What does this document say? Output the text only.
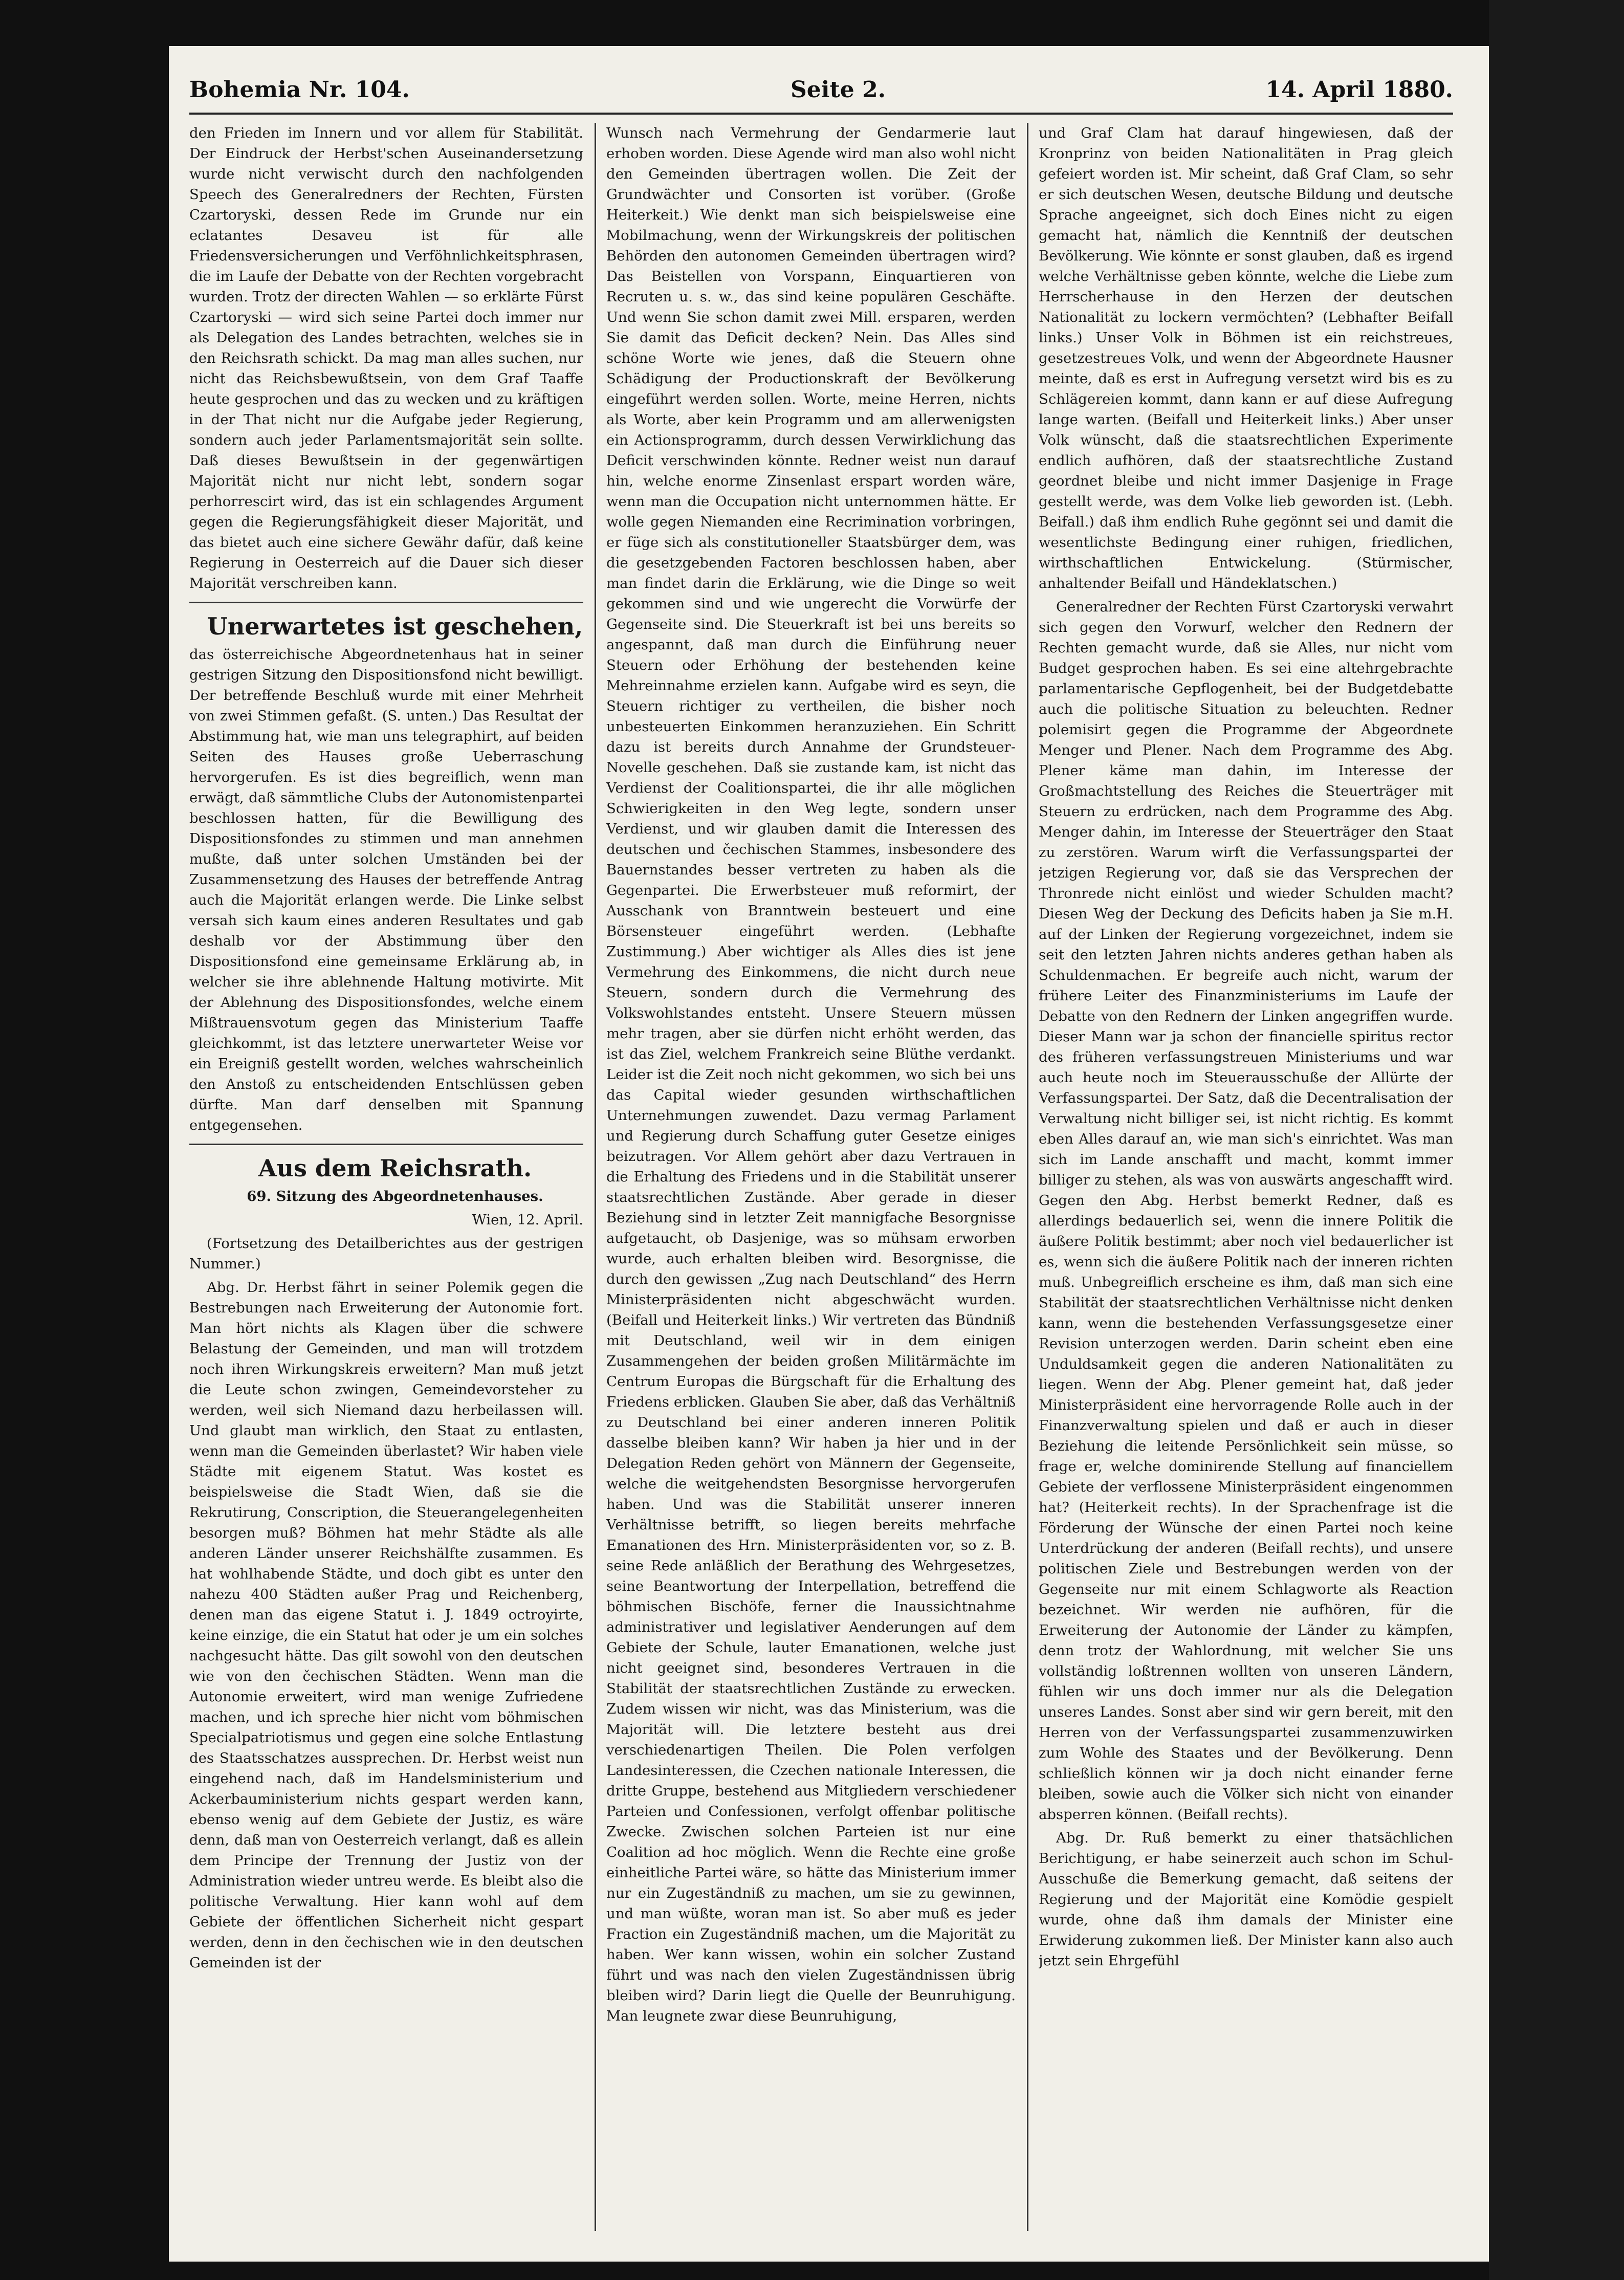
Bohemia Nr. 104.	Seite 2.	14. April 1880.

den Frieden im Innern und vor allem für Stabilität. Der Eindruck der Herbst'schen Auseinandersetzung wurde nicht verwischt durch den nachfolgenden Speech des Generalredners der Rechten, Fürsten Czartoryski, dessen Rede im Grunde nur ein eclatantes Desaveu ist für alle Friedensversicherungen und Verföhnlichkeitsphrasen, die im Laufe der Debatte von der Rechten vorgebracht wurden. Trotz der directen Wahlen — so erklärte Fürst Czartoryski — wird sich seine Partei doch immer nur als Delegation des Landes betrachten, welches sie in den Reichsrath schickt. Da mag man alles suchen, nur nicht das Reichsbewußtsein, von dem Graf Taaffe heute gesprochen und das zu wecken und zu kräftigen in der That nicht nur die Aufgabe jeder Regierung, sondern auch jeder Parlamentsmajorität sein sollte. Daß dieses Bewußtsein in der gegenwärtigen Majorität nicht nur nicht lebt, sondern sogar perhorrescirt wird, das ist ein schlagendes Argument gegen die Regierungsfähigkeit dieser Majorität, und das bietet auch eine sichere Gewähr dafür, daß keine Regierung in Oesterreich auf die Dauer sich dieser Majorität verschreiben kann.

Unerwartetes ist geschehen,

das österreichische Abgeordnetenhaus hat in seiner gestrigen Sitzung den Dispositionsfond nicht bewilligt. Der betreffende Beschluß wurde mit einer Mehrheit von zwei Stimmen gefaßt. (S. unten.) Das Resultat der Abstimmung hat, wie man uns telegraphirt, auf beiden Seiten des Hauses große Ueberraschung hervorgerufen. Es ist dies begreiflich, wenn man erwägt, daß sämmtliche Clubs der Autonomistenpartei beschlossen hatten, für die Bewilligung des Dispositionsfondes zu stimmen und man annehmen mußte, daß unter solchen Umständen bei der Zusammensetzung des Hauses der betreffende Antrag auch die Majorität erlangen werde. Die Linke selbst versah sich kaum eines anderen Resultates und gab deshalb vor der Abstimmung über den Dispositionsfond eine gemeinsame Erklärung ab, in welcher sie ihre ablehnende Haltung motivirte. Mit der Ablehnung des Dispositionsfondes, welche einem Mißtrauensvotum gegen das Ministerium Taaffe gleichkommt, ist das letztere unerwarteter Weise vor ein Ereigniß gestellt worden, welches wahrscheinlich den Anstoß zu entscheidenden Entschlüssen geben dürfte. Man darf denselben mit Spannung entgegensehen.

Aus dem Reichsrath.

69. Sitzung des Abgeordnetenhauses.

Wien, 12. April.

(Fortsetzung des Detailberichtes aus der gestrigen Nummer.)

Abg. Dr. Herbst fährt in seiner Polemik gegen die Bestrebungen nach Erweiterung der Autonomie fort. Man hört nichts als Klagen über die schwere Belastung der Gemeinden, und man will trotzdem noch ihren Wirkungskreis erweitern? Man muß jetzt die Leute schon zwingen, Gemeindevorsteher zu werden, weil sich Niemand dazu herbeilassen will. Und glaubt man wirklich, den Staat zu entlasten, wenn man die Gemeinden überlastet? Wir haben viele Städte mit eigenem Statut. Was kostet es beispielsweise die Stadt Wien, daß sie die Rekrutirung, Conscription, die Steuerangelegenheiten besorgen muß? Böhmen hat mehr Städte als alle anderen Länder unserer Reichshälfte zusammen. Es hat wohlhabende Städte, und doch gibt es unter den nahezu 400 Städten außer Prag und Reichenberg, denen man das eigene Statut i. J. 1849 octroyirte, keine einzige, die ein Statut hat oder je um ein solches nachgesucht hätte. Das gilt sowohl von den deutschen wie von den čechischen Städten. Wenn man die Autonomie erweitert, wird man wenige Zufriedene machen, und ich spreche hier nicht vom böhmischen Specialpatriotismus und gegen eine solche Entlastung des Staatsschatzes aussprechen. Dr. Herbst weist nun eingehend nach, daß im Handelsministerium und Ackerbauministerium nichts gespart werden kann, ebenso wenig auf dem Gebiete der Justiz, es wäre denn, daß man von Oesterreich verlangt, daß es allein dem Principe der Trennung der Justiz von der Administration wieder untreu werde. Es bleibt also die politische Verwaltung. Hier kann wohl auf dem Gebiete der öffentlichen Sicherheit nicht gespart werden, denn in den čechischen wie in den deutschen Gemeinden ist der

Wunsch nach Vermehrung der Gendarmerie laut erhoben worden. Diese Agende wird man also wohl nicht den Gemeinden übertragen wollen. Die Zeit der Grundwächter und Consorten ist vorüber. (Große Heiterkeit.) Wie denkt man sich beispielsweise eine Mobilmachung, wenn der Wirkungskreis der politischen Behörden den autonomen Gemeinden übertragen wird? Das Beistellen von Vorspann, Einquartieren von Recruten u. s. w., das sind keine populären Geschäfte. Und wenn Sie schon damit zwei Mill. ersparen, werden Sie damit das Deficit decken? Nein. Das Alles sind schöne Worte wie jenes, daß die Steuern ohne Schädigung der Productionskraft der Bevölkerung eingeführt werden sollen. Worte, meine Herren, nichts als Worte, aber kein Programm und am allerwenigsten ein Actionsprogramm, durch dessen Verwirklichung das Deficit verschwinden könnte. Redner weist nun darauf hin, welche enorme Zinsenlast erspart worden wäre, wenn man die Occupation nicht unternommen hätte. Er wolle gegen Niemanden eine Recrimination vorbringen, er füge sich als constitutioneller Staatsbürger dem, was die gesetzgebenden Factoren beschlossen haben, aber man findet darin die Erklärung, wie die Dinge so weit gekommen sind und wie ungerecht die Vorwürfe der Gegenseite sind. Die Steuerkraft ist bei uns bereits so angespannt, daß man durch die Einführung neuer Steuern oder Erhöhung der bestehenden keine Mehreinnahme erzielen kann. Aufgabe wird es seyn, die Steuern richtiger zu vertheilen, die bisher noch unbesteuerten Einkommen heranzuziehen. Ein Schritt dazu ist bereits durch Annahme der Grundsteuer-Novelle geschehen. Daß sie zustande kam, ist nicht das Verdienst der Coalitionspartei, die ihr alle möglichen Schwierigkeiten in den Weg legte, sondern unser Verdienst, und wir glauben damit die Interessen des deutschen und čechischen Stammes, insbesondere des Bauernstandes besser vertreten zu haben als die Gegenpartei. Die Erwerbsteuer muß reformirt, der Ausschank von Branntwein besteuert und eine Börsensteuer eingeführt werden. (Lebhafte Zustimmung.) Aber wichtiger als Alles dies ist jene Vermehrung des Einkommens, die nicht durch neue Steuern, sondern durch die Vermehrung des Volkswohlstandes entsteht. Unsere Steuern müssen mehr tragen, aber sie dürfen nicht erhöht werden, das ist das Ziel, welchem Frankreich seine Blüthe verdankt. Leider ist die Zeit noch nicht gekommen, wo sich bei uns das Capital wieder gesunden wirthschaftlichen Unternehmungen zuwendet. Dazu vermag Parlament und Regierung durch Schaffung guter Gesetze einiges beizutragen. Vor Allem gehört aber dazu Vertrauen in die Erhaltung des Friedens und in die Stabilität unserer staatsrechtlichen Zustände. Aber gerade in dieser Beziehung sind in letzter Zeit mannigfache Besorgnisse aufgetaucht, ob Dasjenige, was so mühsam erworben wurde, auch erhalten bleiben wird. Besorgnisse, die durch den gewissen „Zug nach Deutschland“ des Herrn Ministerpräsidenten nicht abgeschwächt wurden. (Beifall und Heiterkeit links.) Wir vertreten das Bündniß mit Deutschland, weil wir in dem einigen Zusammengehen der beiden großen Militärmächte im Centrum Europas die Bürgschaft für die Erhaltung des Friedens erblicken. Glauben Sie aber, daß das Verhältniß zu Deutschland bei einer anderen inneren Politik dasselbe bleiben kann? Wir haben ja hier und in der Delegation Reden gehört von Männern der Gegenseite, welche die weitgehendsten Besorgnisse hervorgerufen haben. Und was die Stabilität unserer inneren Verhältnisse betrifft, so liegen bereits mehrfache Emanationen des Hrn. Ministerpräsidenten vor, so z. B. seine Rede anläßlich der Berathung des Wehrgesetzes, seine Beantwortung der Interpellation, betreffend die böhmischen Bischöfe, ferner die Inaussichtnahme administrativer und legislativer Aenderungen auf dem Gebiete der Schule, lauter Emanationen, welche just nicht geeignet sind, besonderes Vertrauen in die Stabilität der staatsrechtlichen Zustände zu erwecken. Zudem wissen wir nicht, was das Ministerium, was die Majorität will. Die letztere besteht aus drei verschiedenartigen Theilen. Die Polen verfolgen Landesinteressen, die Czechen nationale Interessen, die dritte Gruppe, bestehend aus Mitgliedern verschiedener Parteien und Confessionen, verfolgt offenbar politische Zwecke. Zwischen solchen Parteien ist nur eine Coalition ad hoc möglich. Wenn die Rechte eine große einheitliche Partei wäre, so hätte das Ministerium immer nur ein Zugeständniß zu machen, um sie zu gewinnen, und man wüßte, woran man ist. So aber muß es jeder Fraction ein Zugeständniß machen, um die Majorität zu haben. Wer kann wissen, wohin ein solcher Zustand führt und was nach den vielen Zugeständnissen übrig bleiben wird? Darin liegt die Quelle der Beunruhigung. Man leugnete zwar diese Beunruhigung,

und Graf Clam hat darauf hingewiesen, daß der Kronprinz von beiden Nationalitäten in Prag gleich gefeiert worden ist. Mir scheint, daß Graf Clam, so sehr er sich deutschen Wesen, deutsche Bildung und deutsche Sprache angeeignet, sich doch Eines nicht zu eigen gemacht hat, nämlich die Kenntniß der deutschen Bevölkerung. Wie könnte er sonst glauben, daß es irgend welche Verhältnisse geben könnte, welche die Liebe zum Herrscherhause in den Herzen der deutschen Nationalität zu lockern vermöchten? (Lebhafter Beifall links.) Unser Volk in Böhmen ist ein reichstreues, gesetzestreues Volk, und wenn der Abgeordnete Hausner meinte, daß es erst in Aufregung versetzt wird bis es zu Schlägereien kommt, dann kann er auf diese Aufregung lange warten. (Beifall und Heiterkeit links.) Aber unser Volk wünscht, daß die staatsrechtlichen Experimente endlich aufhören, daß der staatsrechtliche Zustand geordnet bleibe und nicht immer Dasjenige in Frage gestellt werde, was dem Volke lieb geworden ist. (Lebh. Beifall.) daß ihm endlich Ruhe gegönnt sei und damit die wesentlichste Bedingung einer ruhigen, friedlichen, wirthschaftlichen Entwickelung. (Stürmischer, anhaltender Beifall und Händeklatschen.)

Generalredner der Rechten Fürst Czartoryski verwahrt sich gegen den Vorwurf, welcher den Rednern der Rechten gemacht wurde, daß sie Alles, nur nicht vom Budget gesprochen haben. Es sei eine altehrgebrachte parlamentarische Gepflogenheit, bei der Budgetdebatte auch die politische Situation zu beleuchten. Redner polemisirt gegen die Programme der Abgeordnete Menger und Plener. Nach dem Programme des Abg. Plener käme man dahin, im Interesse der Großmachtstellung des Reiches die Steuerträger mit Steuern zu erdrücken, nach dem Programme des Abg. Menger dahin, im Interesse der Steuerträger den Staat zu zerstören. Warum wirft die Verfassungspartei der jetzigen Regierung vor, daß sie das Versprechen der Thronrede nicht einlöst und wieder Schulden macht? Diesen Weg der Deckung des Deficits haben ja Sie m.H. auf der Linken der Regierung vorgezeichnet, indem sie seit den letzten Jahren nichts anderes gethan haben als Schuldenmachen. Er begreife auch nicht, warum der frühere Leiter des Finanzministeriums im Laufe der Debatte von den Rednern der Linken angegriffen wurde. Dieser Mann war ja schon der financielle spiritus rector des früheren verfassungstreuen Ministeriums und war auch heute noch im Steuerausschuße der Allürte der Verfassungspartei. Der Satz, daß die Decentralisation der Verwaltung nicht billiger sei, ist nicht richtig. Es kommt eben Alles darauf an, wie man sich's einrichtet. Was man sich im Lande anschafft und macht, kommt immer billiger zu stehen, als was von auswärts angeschafft wird. Gegen den Abg. Herbst bemerkt Redner, daß es allerdings bedauerlich sei, wenn die innere Politik die äußere Politik bestimmt; aber noch viel bedauerlicher ist es, wenn sich die äußere Politik nach der inneren richten muß. Unbegreiflich erscheine es ihm, daß man sich eine Stabilität der staatsrechtlichen Verhältnisse nicht denken kann, wenn die bestehenden Verfassungsgesetze einer Revision unterzogen werden. Darin scheint eben eine Unduldsamkeit gegen die anderen Nationalitäten zu liegen. Wenn der Abg. Plener gemeint hat, daß jeder Ministerpräsident eine hervorragende Rolle auch in der Finanzverwaltung spielen und daß er auch in dieser Beziehung die leitende Persönlichkeit sein müsse, so frage er, welche dominirende Stellung auf financiellem Gebiete der verflossene Ministerpräsident eingenommen hat? (Heiterkeit rechts). In der Sprachenfrage ist die Förderung der Wünsche der einen Partei noch keine Unterdrückung der anderen (Beifall rechts), und unsere politischen Ziele und Bestrebungen werden von der Gegenseite nur mit einem Schlagworte als Reaction bezeichnet. Wir werden nie aufhören, für die Erweiterung der Autonomie der Länder zu kämpfen, denn trotz der Wahlordnung, mit welcher Sie uns vollständig loßtrennen wollten von unseren Ländern, fühlen wir uns doch immer nur als die Delegation unseres Landes. Sonst aber sind wir gern bereit, mit den Herren von der Verfassungspartei zusammenzuwirken zum Wohle des Staates und der Bevölkerung. Denn schließlich können wir ja doch nicht einander ferne bleiben, sowie auch die Völker sich nicht von einander absperren können. (Beifall rechts).

Abg. Dr. Ruß bemerkt zu einer thatsächlichen Berichtigung, er habe seinerzeit auch schon im Schul-Ausschuße die Bemerkung gemacht, daß seitens der Regierung und der Majorität eine Komödie gespielt wurde, ohne daß ihm damals der Minister eine Erwiderung zukommen ließ. Der Minister kann also auch jetzt sein Ehrgefühl
